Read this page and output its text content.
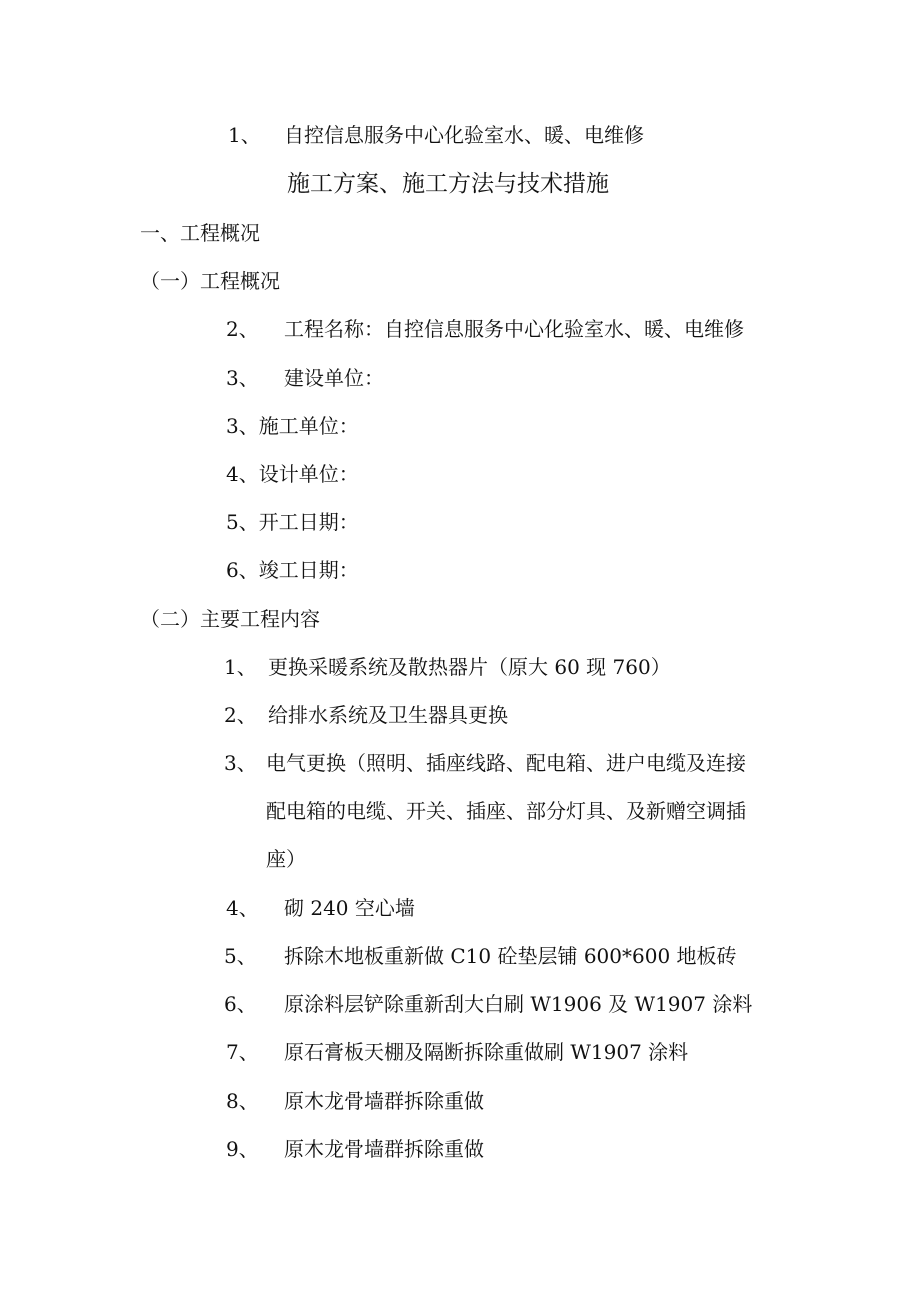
1、 自控信息服务中心化验室水、暖、电维修
施工方案、施工方法与技术措施
一、工程概况
（一）工程概况
2、 工程名称：自控信息服务中心化验室水、暖、电维修
3、 建设单位：
3、施工单位：
4、设计单位：
5、开工日期：
6、竣工日期：
（二）主要工程内容
1、 更换采暖系统及散热器片（原大 60 现 760）
2、 给排水系统及卫生器具更换
3、 电气更换（照明、插座线路、配电箱、进户电缆及连接
配电箱的电缆、开关、插座、部分灯具、及新赠空调插
座）
4、 砌 240 空心墙
5、 拆除木地板重新做 C10 砼垫层铺 600*600 地板砖
6、 原涂料层铲除重新刮大白刷 W1906 及 W1907 涂料
7、 原石膏板天棚及隔断拆除重做刷 W1907 涂料
8、 原木龙骨墙群拆除重做
9、 原木龙骨墙群拆除重做
